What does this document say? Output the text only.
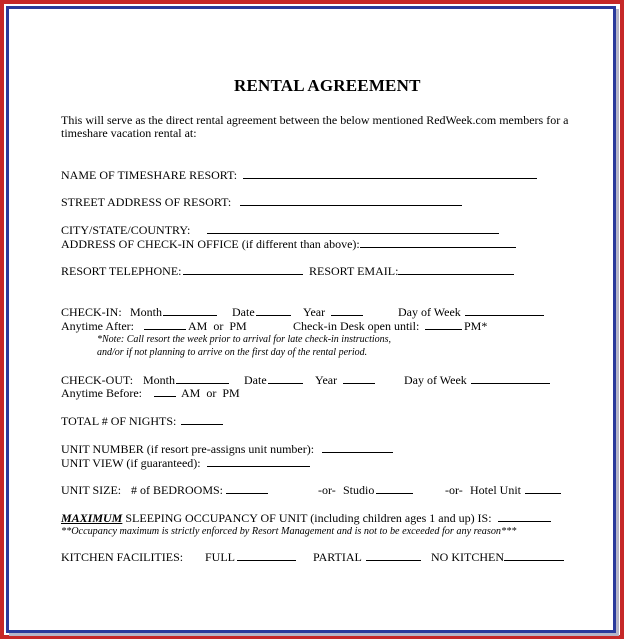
RENTAL AGREEMENT
This will serve as the direct rental agreement between the below mentioned RedWeek.com members for a
timeshare vacation rental at:
NAME OF TIMESHARE RESORT:
STREET ADDRESS OF RESORT:
CITY/STATE/COUNTRY:
ADDRESS OF CHECK-IN OFFICE (if different than above):
RESORT TELEPHONE:	RESORT EMAIL:
CHECK-IN: Month	Date	Year	Day of Week
Anytime After:	AM  or  PM	Check-in Desk open until:	PM*
*Note: Call resort the week prior to arrival for late check-in instructions,
and/or if not planning to arrive on the first day of the rental period.
CHECK-OUT: Month	Date	Year	Day of Week
Anytime Before:	AM  or  PM
TOTAL # OF NIGHTS:
UNIT NUMBER (if resort pre-assigns unit number):
UNIT VIEW (if guaranteed):
UNIT SIZE: # of BEDROOMS:	-or- Studio	-or- Hotel Unit
MAXIMUM SLEEPING OCCUPANCY OF UNIT (including children ages 1 and up) IS:
**Occupancy maximum is strictly enforced by Resort Management and is not to be exceeded for any reason***
KITCHEN FACILITIES: FULL	PARTIAL	NO KITCHEN
